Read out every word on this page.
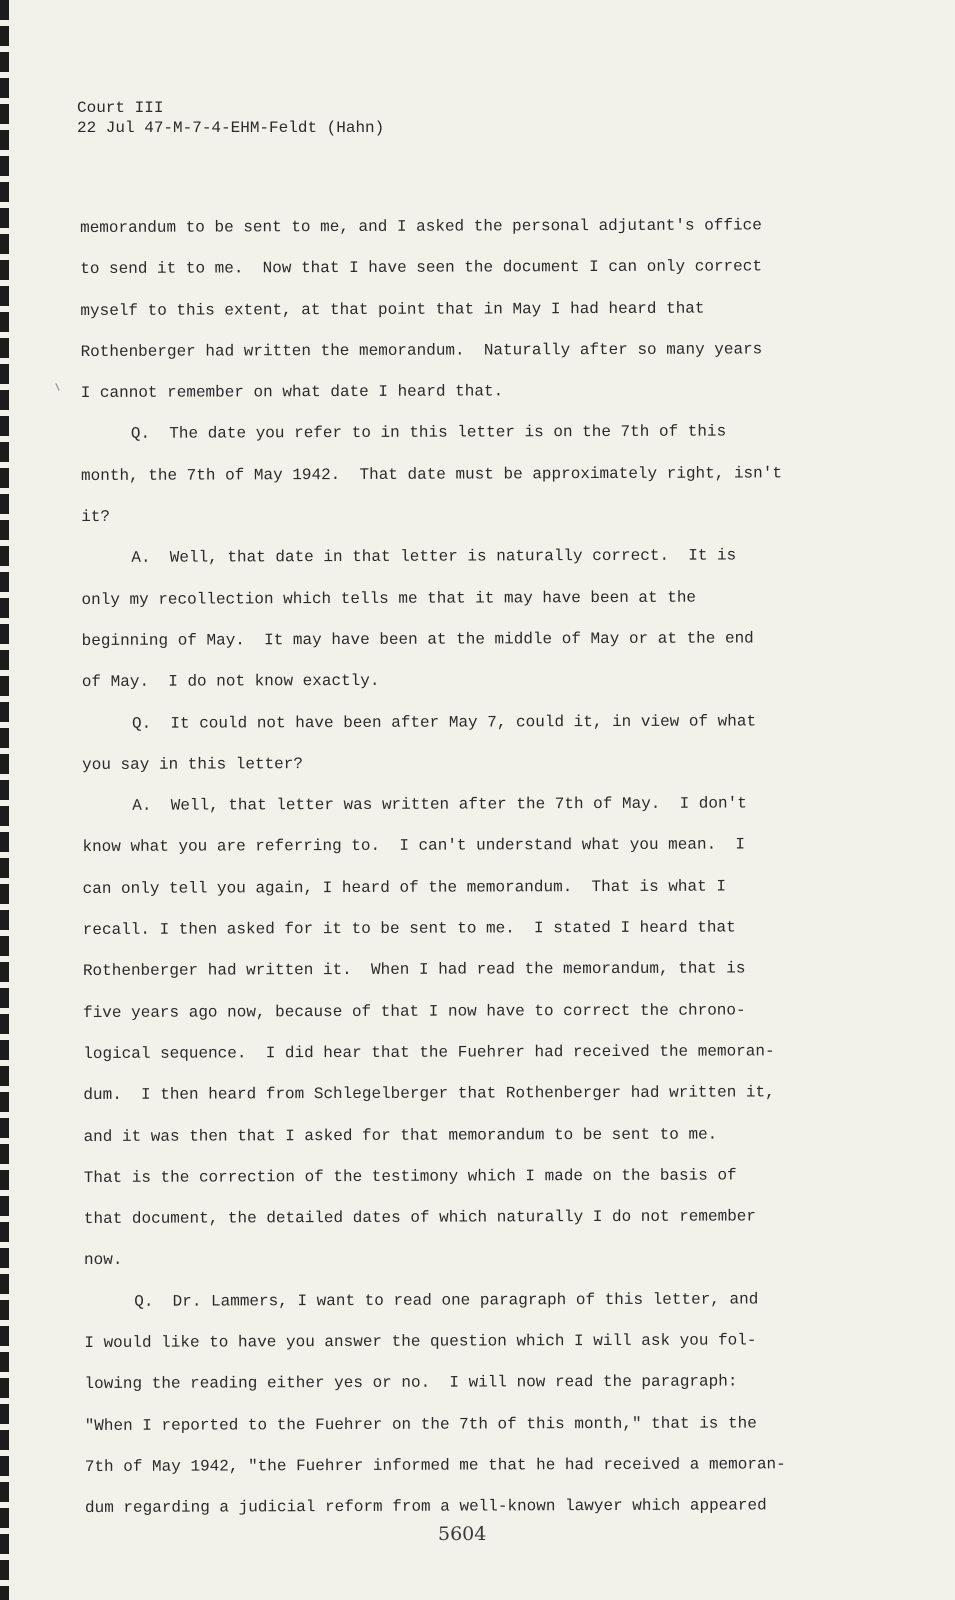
Court III
22 Jul 47-M-7-4-EHM-Feldt (Hahn)
memorandum to be sent to me, and I asked the personal adjutant's office
to send it to me.  Now that I have seen the document I can only correct
myself to this extent, at that point that in May I had heard that
Rothenberger had written the memorandum.  Naturally after so many years
I cannot remember on what date I heard that.
Q.  The date you refer to in this letter is on the 7th of this
month, the 7th of May 1942.  That date must be approximately right, isn't
it?
A.  Well, that date in that letter is naturally correct.  It is
only my recollection which tells me that it may have been at the
beginning of May.  It may have been at the middle of May or at the end
of May.  I do not know exactly.
Q.  It could not have been after May 7, could it, in view of what
you say in this letter?
A.  Well, that letter was written after the 7th of May.  I don't
know what you are referring to.  I can't understand what you mean.  I
can only tell you again, I heard of the memorandum.  That is what I
recall. I then asked for it to be sent to me.  I stated I heard that
Rothenberger had written it.  When I had read the memorandum, that is
five years ago now, because of that I now have to correct the chrono-
logical sequence.  I did hear that the Fuehrer had received the memoran-
dum.  I then heard from Schlegelberger that Rothenberger had written it,
and it was then that I asked for that memorandum to be sent to me.
That is the correction of the testimony which I made on the basis of
that document, the detailed dates of which naturally I do not remember
now.
Q.  Dr. Lammers, I want to read one paragraph of this letter, and
I would like to have you answer the question which I will ask you fol-
lowing the reading either yes or no.  I will now read the paragraph:
"When I reported to the Fuehrer on the 7th of this month," that is the
7th of May 1942, "the Fuehrer informed me that he had received a memoran-
dum regarding a judicial reform from a well-known lawyer which appeared
5604
